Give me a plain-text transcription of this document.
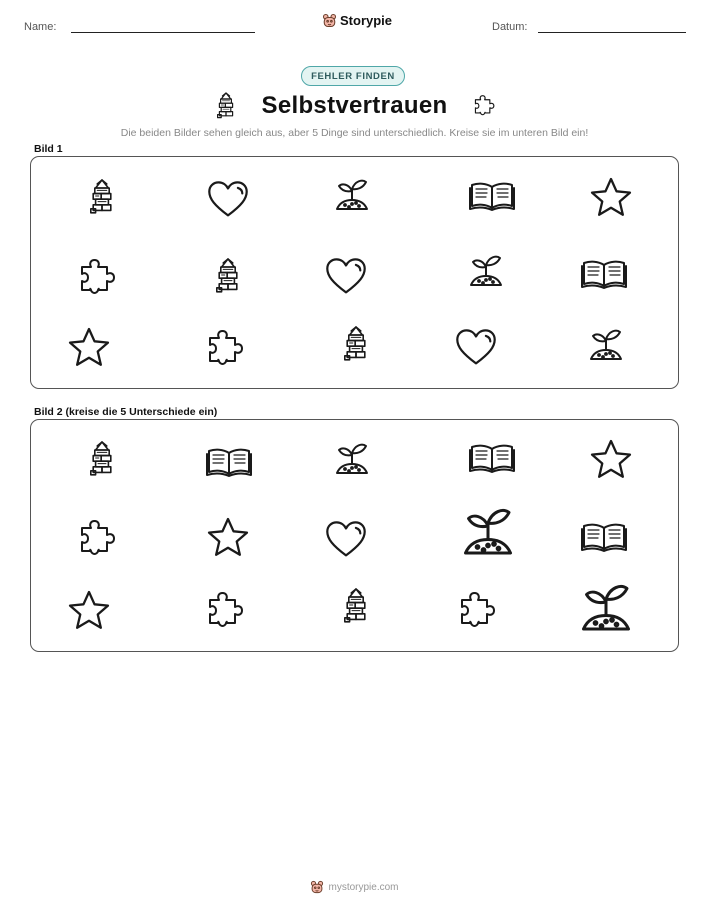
Name:	Storypie	Datum:
FEHLER FINDEN
Selbstvertrauen
Die beiden Bilder sehen gleich aus, aber 5 Dinge sind unterschiedlich. Kreise sie im unteren Bild ein!
Bild 1
Bild 2 (kreise die 5 Unterschiede ein)
mystorypie.com
